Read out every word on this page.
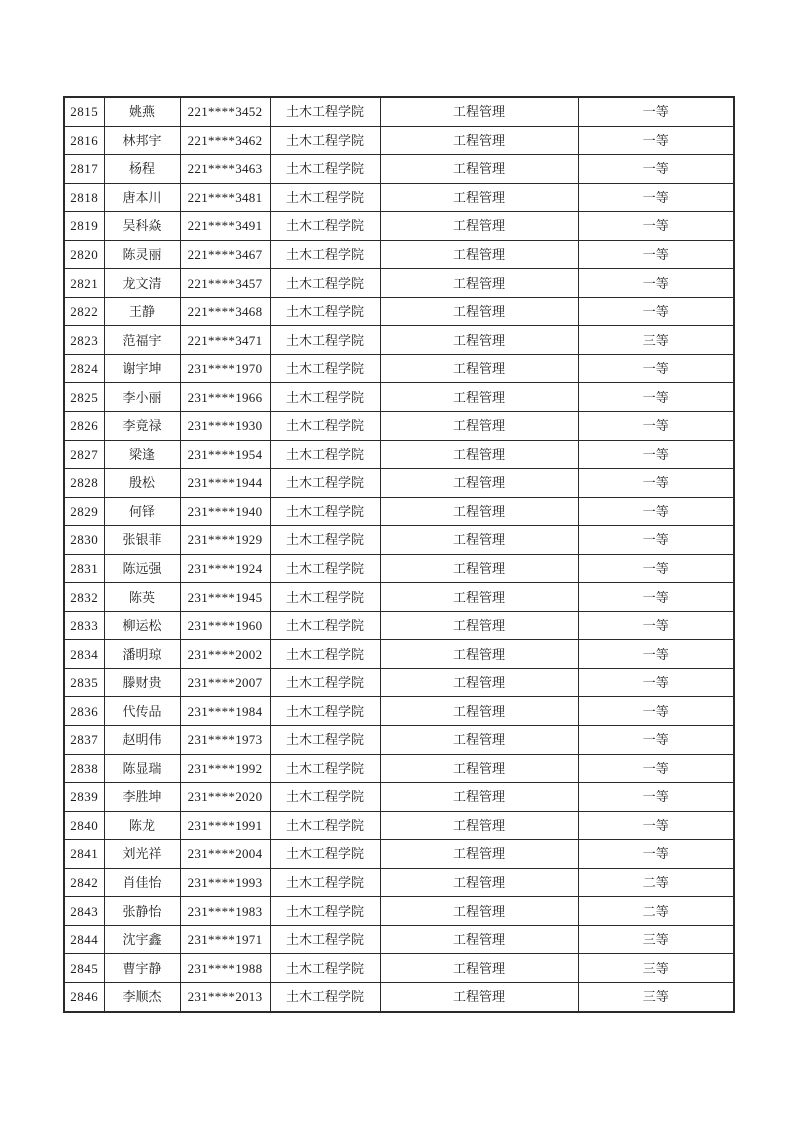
2815	姚燕	221****3452	土木工程学院	工程管理	一等
2816	林邦宇	221****3462	土木工程学院	工程管理	一等
2817	杨程	221****3463	土木工程学院	工程管理	一等
2818	唐本川	221****3481	土木工程学院	工程管理	一等
2819	吴科焱	221****3491	土木工程学院	工程管理	一等
2820	陈灵丽	221****3467	土木工程学院	工程管理	一等
2821	龙文清	221****3457	土木工程学院	工程管理	一等
2822	王静	221****3468	土木工程学院	工程管理	一等
2823	范福宇	221****3471	土木工程学院	工程管理	三等
2824	谢宇坤	231****1970	土木工程学院	工程管理	一等
2825	李小丽	231****1966	土木工程学院	工程管理	一等
2826	李竟禄	231****1930	土木工程学院	工程管理	一等
2827	梁逢	231****1954	土木工程学院	工程管理	一等
2828	殷松	231****1944	土木工程学院	工程管理	一等
2829	何铎	231****1940	土木工程学院	工程管理	一等
2830	张银菲	231****1929	土木工程学院	工程管理	一等
2831	陈远强	231****1924	土木工程学院	工程管理	一等
2832	陈英	231****1945	土木工程学院	工程管理	一等
2833	柳运松	231****1960	土木工程学院	工程管理	一等
2834	潘明琼	231****2002	土木工程学院	工程管理	一等
2835	滕财贵	231****2007	土木工程学院	工程管理	一等
2836	代传品	231****1984	土木工程学院	工程管理	一等
2837	赵明伟	231****1973	土木工程学院	工程管理	一等
2838	陈显瑞	231****1992	土木工程学院	工程管理	一等
2839	李胜坤	231****2020	土木工程学院	工程管理	一等
2840	陈龙	231****1991	土木工程学院	工程管理	一等
2841	刘光祥	231****2004	土木工程学院	工程管理	一等
2842	肖佳怡	231****1993	土木工程学院	工程管理	二等
2843	张静怡	231****1983	土木工程学院	工程管理	二等
2844	沈宇鑫	231****1971	土木工程学院	工程管理	三等
2845	曹宇静	231****1988	土木工程学院	工程管理	三等
2846	李顺杰	231****2013	土木工程学院	工程管理	三等
